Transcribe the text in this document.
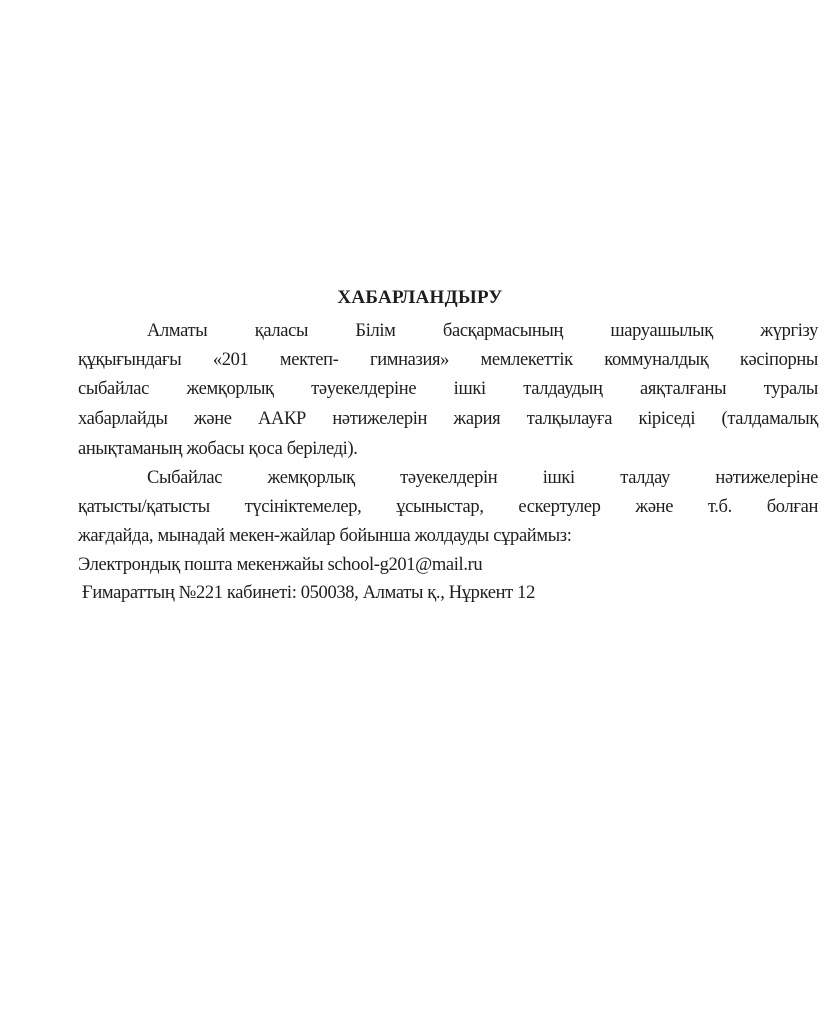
ХАБАРЛАНДЫРУ
Алматы қаласы Білім басқармасының шаруашылық жүргізу
құқығындағы «201 мектеп- гимназия» мемлекеттік коммуналдық кәсіпорны
сыбайлас жемқорлық тәуекелдеріне ішкі талдаудың аяқталғаны туралы
хабарлайды және ААКР нәтижелерін жария талқылауға кіріседі (талдамалық
анықтаманың жобасы қоса беріледі).
Сыбайлас жемқорлық тәуекелдерін ішкі талдау нәтижелеріне
қатысты/қатысты түсініктемелер, ұсыныстар, ескертулер және т.б. болған
жағдайда, мынадай мекен-жайлар бойынша жолдауды сұраймыз:
Электрондық пошта мекенжайы school-g201@mail.ru
Ғимараттың №221 кабинеті: 050038, Алматы қ., Нұркент 12
